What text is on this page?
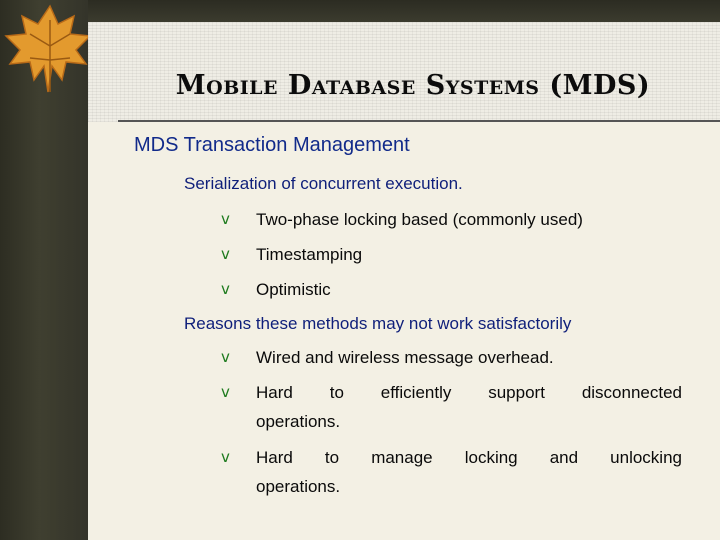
Mobile Database Systems (MDS)
MDS Transaction Management
Serialization of concurrent execution.
v Two-phase locking based (commonly used)
v Timestamping
v Optimistic
Reasons these methods may not work satisfactorily
v Wired and wireless message overhead.
v Hard to efficiently support disconnected
operations.
v Hard to manage locking and unlocking
operations.
